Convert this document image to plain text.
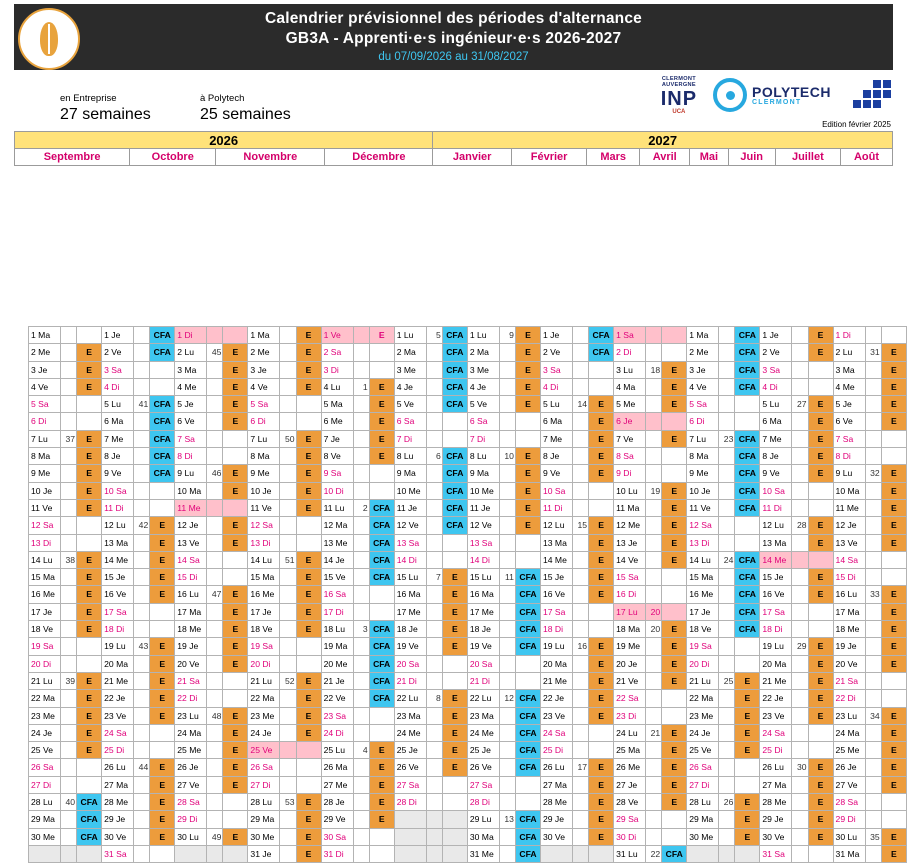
Calendrier prévisionnel des périodes d'alternance
GB3A - Apprenti·e·s ingénieur·e·s 2026-2027
du 07/09/2026 au 31/08/2027
en Entreprise
27 semaines
à Polytech
25 semaines
CLERMONT
AUVERGNE
INP
UCA
POLYTECH
CLERMONT
Edition février 2025
2026				2027							
Septembre	Octobre	Novembre	Décembre	Janvier	Février	Mars	Avril	Mai	Juin	Juillet	Août
1 Ma			1 Je		CFA	1 Di			1 Ma		E	1 Ve		E	1 Lu	5	CFA	1 Lu	9	E	1 Je		CFA	1 Sa			1 Ma		CFA	1 Je		E	1 Di		
2 Me		E	2 Ve		CFA	2 Lu	45	E	2 Me		E	2 Sa			2 Ma		CFA	2 Ma		E	2 Ve		CFA	2 Di			2 Me		CFA	2 Ve		E	2 Lu	31	E
3 Je		E	3 Sa			3 Ma		E	3 Je		E	3 Di			3 Me		CFA	3 Me		E	3 Sa			3 Lu	18	E	3 Je		CFA	3 Sa			3 Ma		E
4 Ve		E	4 Di			4 Me		E	4 Ve		E	4 Lu	1	E	4 Je		CFA	4 Je		E	4 Di			4 Ma		E	4 Ve		CFA	4 Di			4 Me		E
5 Sa			5 Lu	41	CFA	5 Je		E	5 Sa			5 Ma		E	5 Ve		CFA	5 Ve		E	5 Lu	14	E	5 Me		E	5 Sa			5 Lu	27	E	5 Je		E
6 Di			6 Ma		CFA	6 Ve		E	6 Di			6 Me		E	6 Sa			6 Sa			6 Ma		E	6 Je			6 Di			6 Ma		E	6 Ve		E
7 Lu	37	E	7 Me		CFA	7 Sa			7 Lu	50	E	7 Je		E	7 Di			7 Di			7 Me		E	7 Ve		E	7 Lu	23	CFA	7 Me		E	7 Sa		
8 Ma		E	8 Je		CFA	8 Di			8 Ma		E	8 Ve		E	8 Lu	6	CFA	8 Lu	10	E	8 Je		E	8 Sa			8 Ma		CFA	8 Je		E	8 Di		
9 Me		E	9 Ve		CFA	9 Lu	46	E	9 Me		E	9 Sa			9 Ma		CFA	9 Ma		E	9 Ve		E	9 Di			9 Me		CFA	9 Ve		E	9 Lu	32	E
10 Je		E	10 Sa			10 Ma		E	10 Je		E	10 Di			10 Me		CFA	10 Me		E	10 Sa			10 Lu	19	E	10 Je		CFA	10 Sa			10 Ma		E
11 Ve		E	11 Di			11 Me			11 Ve		E	11 Lu	2	CFA	11 Je		CFA	11 Je		E	11 Di			11 Ma		E	11 Ve		CFA	11 Di			11 Me		E
12 Sa			12 Lu	42	E	12 Je		E	12 Sa			12 Ma		CFA	12 Ve		CFA	12 Ve		E	12 Lu	15	E	12 Me		E	12 Sa			12 Lu	28	E	12 Je		E
13 Di			13 Ma		E	13 Ve		E	13 Di			13 Me		CFA	13 Sa			13 Sa			13 Ma		E	13 Je		E	13 Di			13 Ma		E	13 Ve		E
14 Lu	38	E	14 Me		E	14 Sa			14 Lu	51	E	14 Je		CFA	14 Di			14 Di			14 Me		E	14 Ve		E	14 Lu	24	CFA	14 Me			14 Sa		
15 Ma		E	15 Je		E	15 Di			15 Ma		E	15 Ve		CFA	15 Lu	7	E	15 Lu	11	CFA	15 Je		E	15 Sa			15 Ma		CFA	15 Je		E	15 Di		
16 Me		E	16 Ve		E	16 Lu	47	E	16 Me		E	16 Sa			16 Ma		E	16 Ma		CFA	16 Ve		E	16 Di			16 Me		CFA	16 Ve		E	16 Lu	33	E
17 Je		E	17 Sa			17 Ma		E	17 Je		E	17 Di			17 Me		E	17 Me		CFA	17 Sa			17 Lu	20		17 Je		CFA	17 Sa			17 Ma		E
18 Ve		E	18 Di			18 Me		E	18 Ve		E	18 Lu	3	CFA	18 Je		E	18 Je		CFA	18 Di			18 Ma	20	E	18 Ve		CFA	18 Di			18 Me		E
19 Sa			19 Lu	43	E	19 Je		E	19 Sa			19 Ma		CFA	19 Ve		E	19 Ve		CFA	19 Lu	16	E	19 Me		E	19 Sa			19 Lu	29	E	19 Je		E
20 Di			20 Ma		E	20 Ve		E	20 Di			20 Me		CFA	20 Sa			20 Sa			20 Ma		E	20 Je		E	20 Di			20 Ma		E	20 Ve		E
21 Lu	39	E	21 Me		E	21 Sa			21 Lu	52	E	21 Je		CFA	21 Di			21 Di			21 Me		E	21 Ve		E	21 Lu	25	E	21 Me		E	21 Sa		
22 Ma		E	22 Je		E	22 Di			22 Ma		E	22 Ve		CFA	22 Lu	8	E	22 Lu	12	CFA	22 Je		E	22 Sa			22 Ma		E	22 Je		E	22 Di		
23 Me		E	23 Ve		E	23 Lu	48	E	23 Me		E	23 Sa			23 Ma		E	23 Ma		CFA	23 Ve		E	23 Di			23 Me		E	23 Ve		E	23 Lu	34	E
24 Je		E	24 Sa			24 Ma		E	24 Je		E	24 Di			24 Me		E	24 Me		CFA	24 Sa			24 Lu	21	E	24 Je		E	24 Sa			24 Ma		E
25 Ve		E	25 Di			25 Me		E	25 Ve			25 Lu	4	E	25 Je		E	25 Je		CFA	25 Di			25 Ma		E	25 Ve		E	25 Di			25 Me		E
26 Sa			26 Lu	44	E	26 Je		E	26 Sa			26 Ma		E	26 Ve		E	26 Ve		CFA	26 Lu	17	E	26 Me		E	26 Sa			26 Lu	30	E	26 Je		E
27 Di			27 Ma		E	27 Ve		E	27 Di			27 Me		E	27 Sa			27 Sa			27 Ma		E	27 Je		E	27 Di			27 Ma		E	27 Ve		E
28 Lu	40	CFA	28 Me		E	28 Sa			28 Lu	53	E	28 Je		E	28 Di			28 Di			28 Me		E	28 Ve		E	28 Lu	26	E	28 Me		E	28 Sa		
29 Ma		CFA	29 Je		E	29 Di			29 Ma		E	29 Ve		E				29 Lu	13	CFA	29 Je		E	29 Sa			29 Ma		E	29 Je		E	29 Di		
30 Me		CFA	30 Ve		E	30 Lu	49	E	30 Me		E	30 Sa						30 Ma		CFA	30 Ve		E	30 Di			30 Me		E	30 Ve		E	30 Lu	35	E
			31 Sa						31 Je		E	31 Di						31 Me		CFA				31 Lu	22	CFA				31 Sa			31 Ma		E
